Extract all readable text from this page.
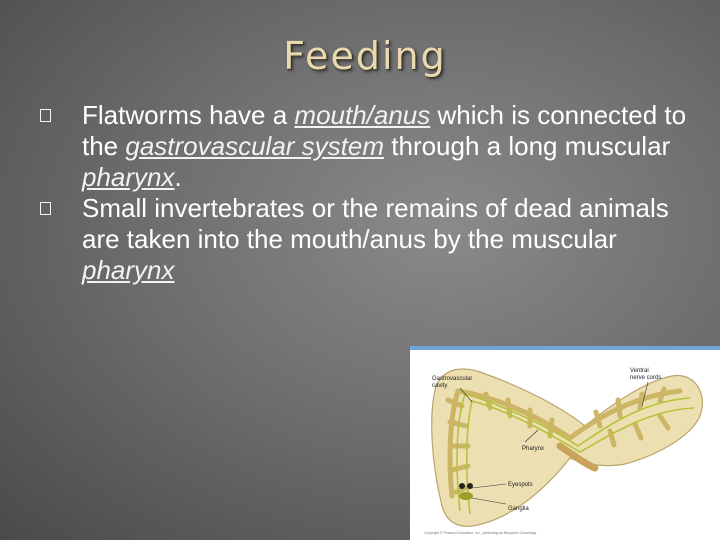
Feeding
Flatworms have a mouth/anus which is connected to the gastrovascular system through a long muscular pharynx.
Small invertebrates or the remains of dead animals are taken into the mouth/anus by the muscular pharynx
Gastrovascular
cavity
Ventral
nerve cords
Pharynx
Eyespots
Ganglia
Copyright © Pearson Education, Inc., publishing as Benjamin Cummings.
